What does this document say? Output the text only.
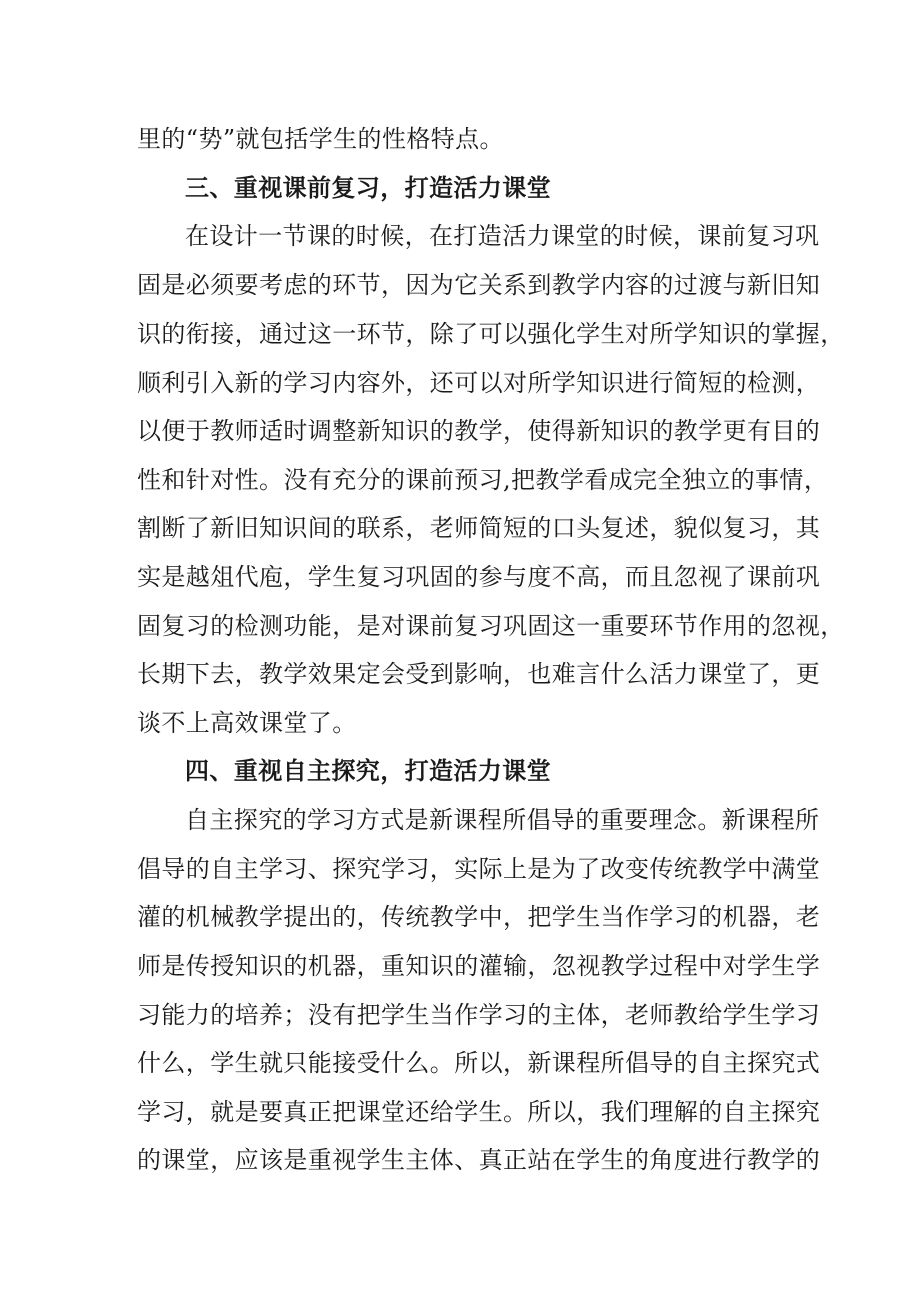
里的“势”就包括学生的性格特点。
三、重视课前复习，打造活力课堂
在设计一节课的时候，在打造活力课堂的时候，课前复习巩
固是必须要考虑的环节，因为它关系到教学内容的过渡与新旧知
识的衔接，通过这一环节，除了可以强化学生对所学知识的掌握，
顺利引入新的学习内容外，还可以对所学知识进行简短的检测，
以便于教师适时调整新知识的教学，使得新知识的教学更有目的
性和针对性。没有充分的课前预习,把教学看成完全独立的事情，
割断了新旧知识间的联系，老师简短的口头复述，貌似复习，其
实是越俎代庖，学生复习巩固的参与度不高，而且忽视了课前巩
固复习的检测功能，是对课前复习巩固这一重要环节作用的忽视，
长期下去，教学效果定会受到影响，也难言什么活力课堂了，更
谈不上高效课堂了。
四、重视自主探究，打造活力课堂
自主探究的学习方式是新课程所倡导的重要理念。新课程所
倡导的自主学习、探究学习，实际上是为了改变传统教学中满堂
灌的机械教学提出的，传统教学中，把学生当作学习的机器，老
师是传授知识的机器，重知识的灌输，忽视教学过程中对学生学
习能力的培养；没有把学生当作学习的主体，老师教给学生学习
什么，学生就只能接受什么。所以，新课程所倡导的自主探究式
学习，就是要真正把课堂还给学生。所以，我们理解的自主探究
的课堂，应该是重视学生主体、真正站在学生的角度进行教学的
